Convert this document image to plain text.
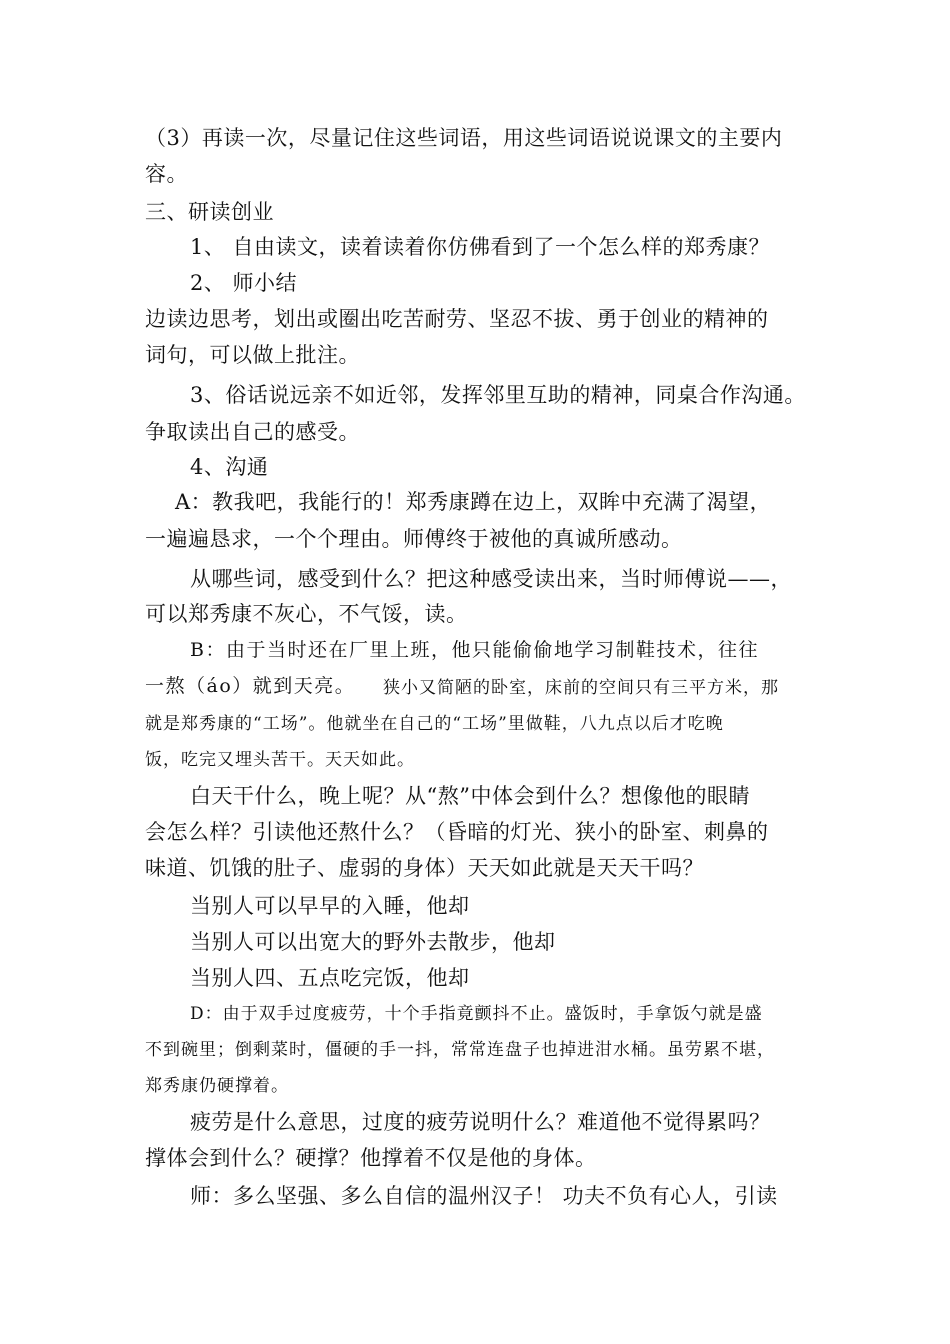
（3）再读一次，尽量记住这些词语，用这些词语说说课文的主要内
容。
三、研读创业
1、 自由读文，读着读着你仿佛看到了一个怎么样的郑秀康？
2、 师小结
边读边思考，划出或圈出吃苦耐劳、坚忍不拔、勇于创业的精神的
词句，可以做上批注。
3、俗话说远亲不如近邻，发挥邻里互助的精神，同桌合作沟通。
争取读出自己的感受。
4、沟通
A：教我吧，我能行的！郑秀康蹲在边上，双眸中充满了渴望，
一遍遍恳求，一个个理由。师傅终于被他的真诚所感动。
从哪些词，感受到什么？把这种感受读出来，当时师傅说——，
可以郑秀康不灰心，不气馁，读。
B：由于当时还在厂里上班，他只能偷偷地学习制鞋技术，往往
一熬（áo）就到天亮。 狭小又简陋的卧室，床前的空间只有三平方米，那
就是郑秀康的“工场”。他就坐在自己的“工场”里做鞋，八九点以后才吃晚
饭，吃完又埋头苦干。天天如此。
白天干什么，晚上呢？从“熬”中体会到什么？想像他的眼睛
会怎么样？引读他还熬什么？（昏暗的灯光、狭小的卧室、刺鼻的
味道、饥饿的肚子、虚弱的身体）天天如此就是天天干吗？
当别人可以早早的入睡，他却
当别人可以出宽大的野外去散步，他却
当别人四、五点吃完饭，他却
D：由于双手过度疲劳，十个手指竟颤抖不止。盛饭时，手拿饭勺就是盛
不到碗里；倒剩菜时，僵硬的手一抖，常常连盘子也掉进泔水桶。虽劳累不堪，
郑秀康仍硬撑着。
疲劳是什么意思，过度的疲劳说明什么？难道他不觉得累吗？
撑体会到什么？硬撑？他撑着不仅是他的身体。
师：多么坚强、多么自信的温州汉子！ 功夫不负有心人，引读
